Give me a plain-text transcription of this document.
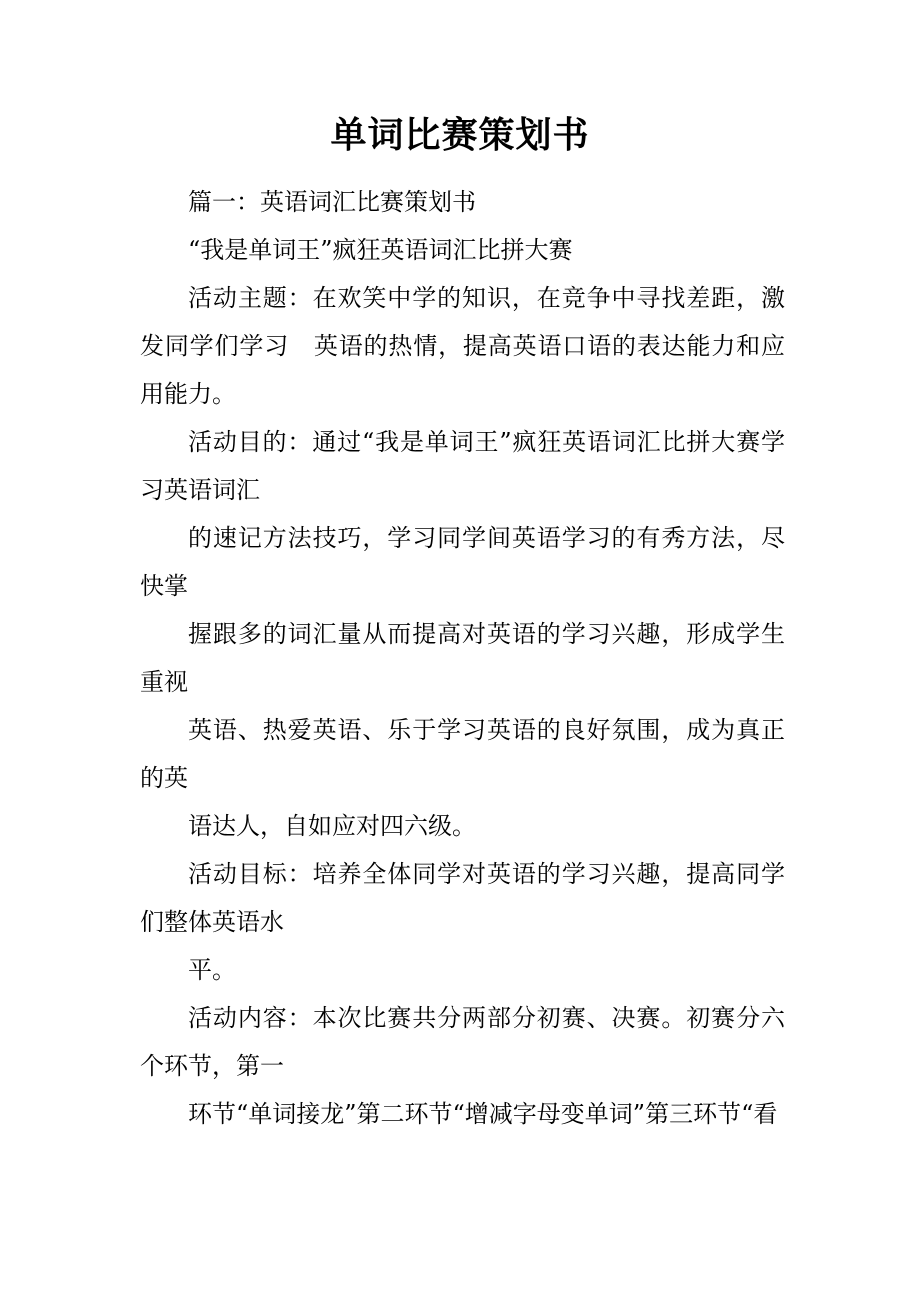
单词比赛策划书

篇一：英语词汇比赛策划书

“我是单词王”疯狂英语词汇比拼大赛

活动主题：在欢笑中学的知识，在竞争中寻找差距，激发同学们学习　英语的热情，提高英语口语的表达能力和应用能力。

活动目的：通过“我是单词王”疯狂英语词汇比拼大赛学习英语词汇

的速记方法技巧，学习同学间英语学习的有秀方法，尽快掌

握跟多的词汇量从而提高对英语的学习兴趣，形成学生重视

英语、热爱英语、乐于学习英语的良好氛围，成为真正的英

语达人，自如应对四六级。

活动目标：培养全体同学对英语的学习兴趣，提高同学们整体英语水

平。

活动内容：本次比赛共分两部分初赛、决赛。初赛分六个环节，第一

环节“单词接龙”第二环节“增减字母变单词”第三环节“看
